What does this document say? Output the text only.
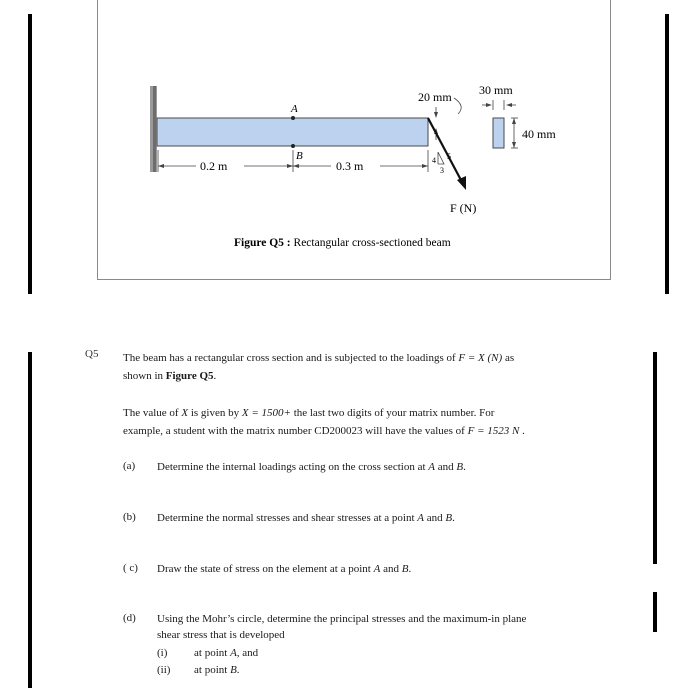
A
B
0.2 m	0.3 m
20 mm
4 5
3
F (N)
30 mm
40 mm
Figure Q5 : Rectangular cross-sectioned beam
Q5 The beam has a rectangular cross section and is subjected to the loadings of F = X (N) as
shown in Figure Q5.
The value of X is given by X = 1500+ the last two digits of your matrix number. For
example, a student with the matrix number CD200023 will have the values of F = 1523 N .
(a) Determine the internal loadings acting on the cross section at A and B.
(b) Determine the normal stresses and shear stresses at a point A and B.
( c) Draw the state of stress on the element at a point A and B.
(d) Using the Mohr’s circle, determine the principal stresses and the maximum-in plane
shear stress that is developed
(i) at point A, and
(ii) at point B.
